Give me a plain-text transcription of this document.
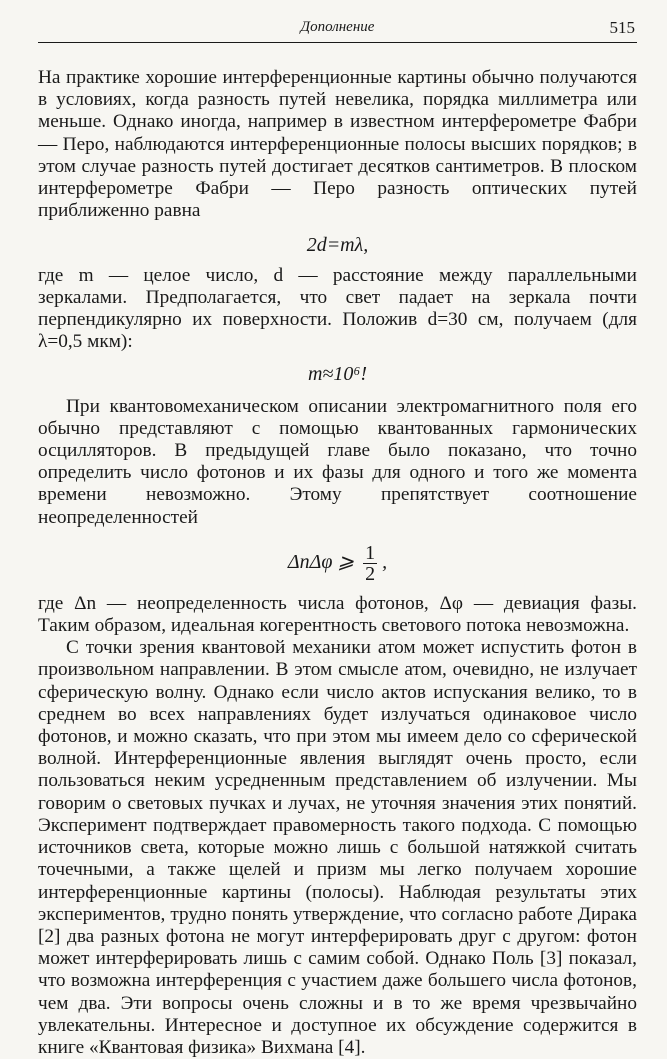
Дополнение	515

На практике хорошие интерференционные картины обычно получаются в условиях, когда разность путей невелика, порядка миллиметра или меньше. Однако иногда, например в известном интерферометре Фабри — Перо, наблюдаются интерференционные полосы высших порядков; в этом случае разность путей достигает десятков сантиметров. В плоском интерферометре Фабри — Перо разность оптических путей приближенно равна

2d=mλ,

где m — целое число, d — расстояние между параллельными зеркалами. Предполагается, что свет падает на зеркала почти перпендикулярно их поверхности. Положив d=30 см, получаем (для λ=0,5 мкм):

m≈10⁶!

При квантовомеханическом описании электромагнитного поля его обычно представляют с помощью квантованных гармонических осцилляторов. В предыдущей главе было показано, что точно определить число фотонов и их фазы для одного и того же момента времени невозможно. Этому препятствует соотношение неопределенностей

ΔnΔφ ⩾ $\frac{1}{2}$ ,

где Δn — неопределенность числа фотонов, Δφ — девиация фазы. Таким образом, идеальная когерентность светового потока невозможна.

С точки зрения квантовой механики атом может испустить фотон в произвольном направлении. В этом смысле атом, очевидно, не излучает сферическую волну. Однако если число актов испускания велико, то в среднем во всех направлениях будет излучаться одинаковое число фотонов, и можно сказать, что при этом мы имеем дело со сферической волной. Интерференционные явления выглядят очень просто, если пользоваться неким усредненным представлением об излучении. Мы говорим о световых пучках и лучах, не уточняя значения этих понятий. Эксперимент подтверждает правомерность такого подхода. С помощью источников света, которые можно лишь с большой натяжкой считать точечными, а также щелей и призм мы легко получаем хорошие интерференционные картины (полосы). Наблюдая результаты этих экспериментов, трудно понять утверждение, что согласно работе Дирака [2] два разных фотона не могут интерферировать друг с другом: фотон может интерферировать лишь с самим собой. Однако Поль [3] показал, что возможна интерференция с участием даже большего числа фотонов, чем два. Эти вопросы очень сложны и в то же время чрезвычайно увлекательны. Интересное и доступное их обсуждение содержится в книге «Квантовая физика» Вихмана [4].
